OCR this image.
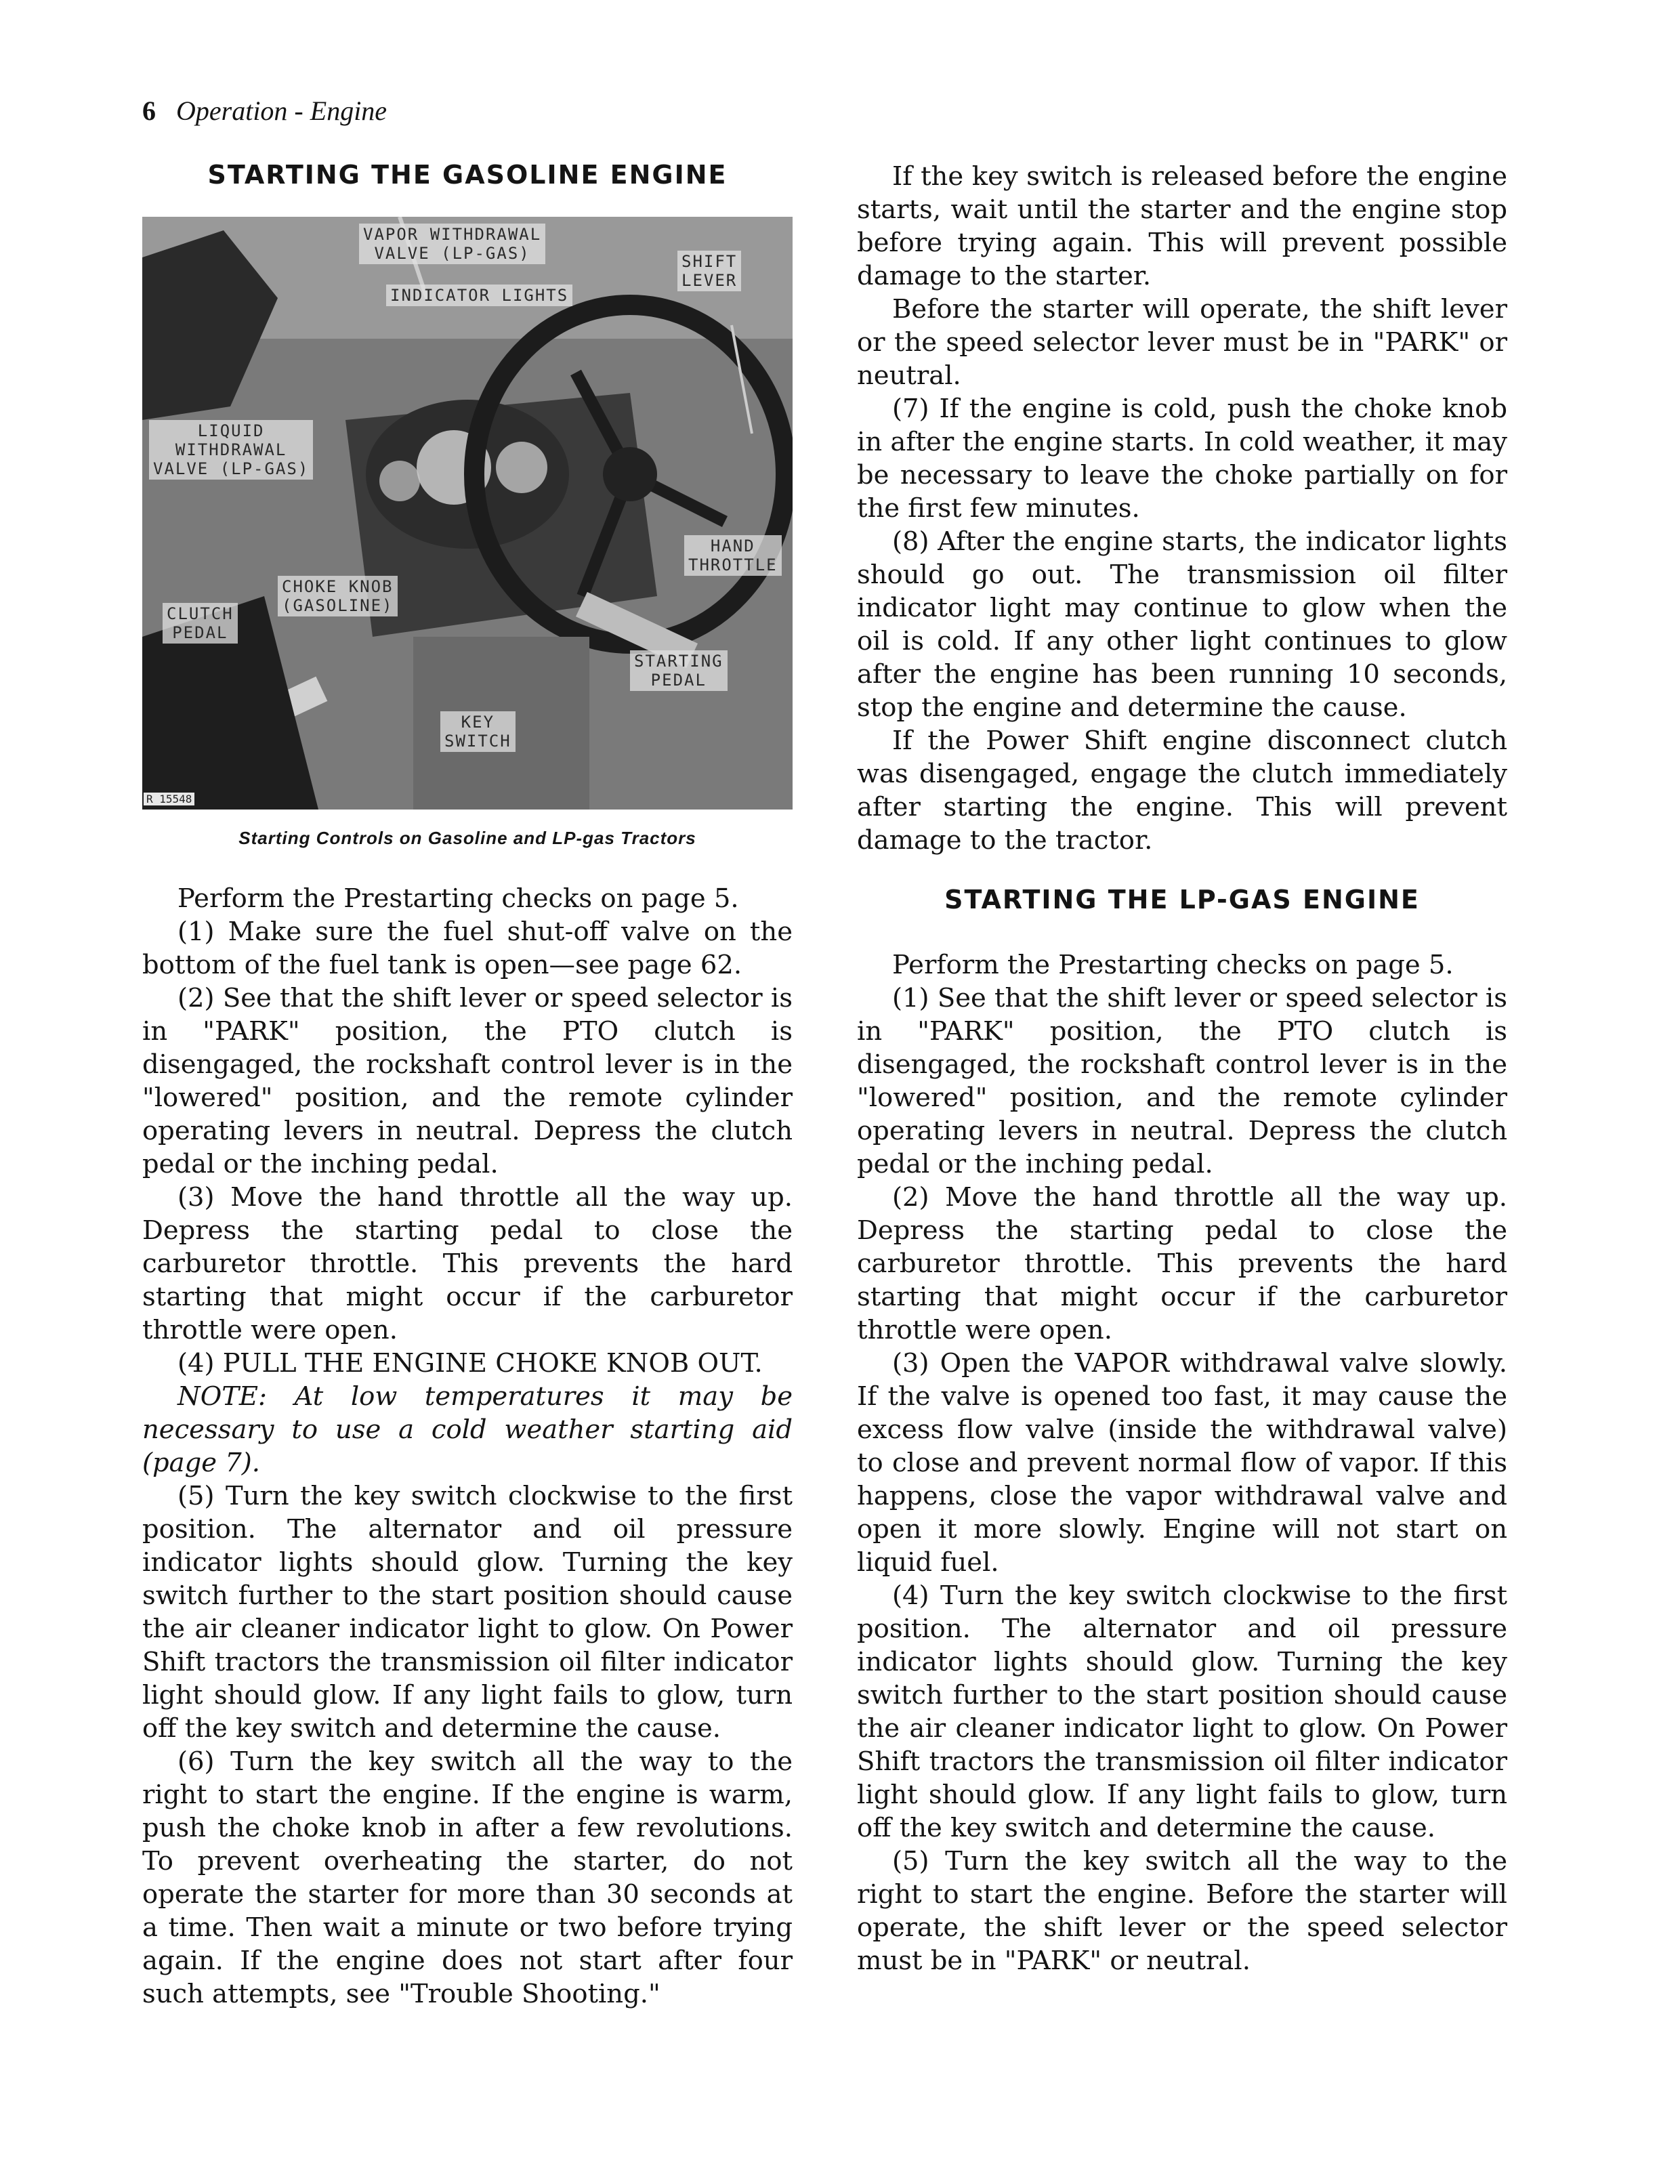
6 Operation - Engine
STARTING THE GASOLINE ENGINE
VAPOR WITHDRAWAL
VALVE (LP-GAS)	SHIFT
LEVER
INDICATOR LIGHTS
LIQUID
WITHDRAWAL
VALVE (LP-GAS)
HAND
THROTTLE
CHOKE KNOB
(GASOLINE)
CLUTCH
PEDAL
STARTING
PEDAL
KEY
SWITCH
R 15548
Starting Controls on Gasoline and LP-gas Tractors

Perform the Prestarting checks on page 5.

(1) Make sure the fuel shut-off valve on the bottom of the fuel tank is open—see page 62.

(2) See that the shift lever or speed selector is in "PARK" position, the PTO clutch is disengaged, the rockshaft control lever is in the "lowered" position, and the remote cylinder operating levers in neutral. Depress the clutch pedal or the inching pedal.

(3) Move the hand throttle all the way up. Depress the starting pedal to close the carburetor throttle. This prevents the hard starting that might occur if the carburetor throttle were open.

(4) PULL THE ENGINE CHOKE KNOB OUT.

NOTE: At low temperatures it may be necessary to use a cold weather starting aid (page 7).

(5) Turn the key switch clockwise to the first position. The alternator and oil pressure indicator lights should glow. Turning the key switch further to the start position should cause the air cleaner indicator light to glow. On Power Shift tractors the transmission oil filter indicator light should glow. If any light fails to glow, turn off the key switch and determine the cause.

(6) Turn the key switch all the way to the right to start the engine. If the engine is warm, push the choke knob in after a few revolutions. To prevent overheating the starter, do not operate the starter for more than 30 seconds at a time. Then wait a minute or two before trying again. If the engine does not start after four such attempts, see "Trouble Shooting."

If the key switch is released before the engine starts, wait until the starter and the engine stop before trying again. This will prevent possible damage to the starter.

Before the starter will operate, the shift lever or the speed selector lever must be in "PARK" or neutral.

(7) If the engine is cold, push the choke knob in after the engine starts. In cold weather, it may be necessary to leave the choke partially on for the first few minutes.

(8) After the engine starts, the indicator lights should go out. The transmission oil filter indicator light may continue to glow when the oil is cold. If any other light continues to glow after the engine has been running 10 seconds, stop the engine and determine the cause.

If the Power Shift engine disconnect clutch was disengaged, engage the clutch immediately after starting the engine. This will prevent damage to the tractor.

STARTING THE LP-GAS ENGINE

Perform the Prestarting checks on page 5.

(1) See that the shift lever or speed selector is in "PARK" position, the PTO clutch is disengaged, the rockshaft control lever is in the "lowered" position, and the remote cylinder operating levers in neutral. Depress the clutch pedal or the inching pedal.

(2) Move the hand throttle all the way up. Depress the starting pedal to close the carburetor throttle. This prevents the hard starting that might occur if the carburetor throttle were open.

(3) Open the VAPOR withdrawal valve slowly. If the valve is opened too fast, it may cause the excess flow valve (inside the withdrawal valve) to close and prevent normal flow of vapor. If this happens, close the vapor withdrawal valve and open it more slowly. Engine will not start on liquid fuel.

(4) Turn the key switch clockwise to the first position. The alternator and oil pressure indicator lights should glow. Turning the key switch further to the start position should cause the air cleaner indicator light to glow. On Power Shift tractors the transmission oil filter indicator light should glow. If any light fails to glow, turn off the key switch and determine the cause.

(5) Turn the key switch all the way to the right to start the engine. Before the starter will operate, the shift lever or the speed selector must be in "PARK" or neutral.
